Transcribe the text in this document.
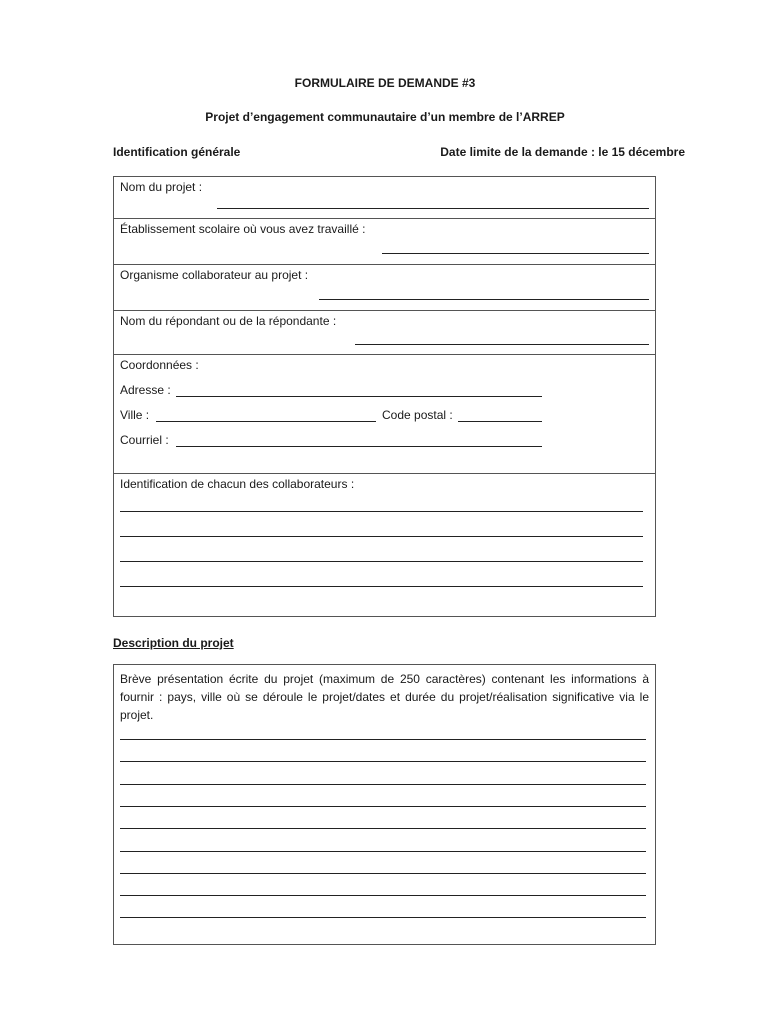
FORMULAIRE DE DEMANDE #3
Projet d’engagement communautaire d’un membre de l’ARREP
Identification générale	Date limite de la demande : le 15 décembre
Nom du projet :
Établissement scolaire où vous avez travaillé :
Organisme collaborateur au projet :
Nom du répondant ou de la répondante :
Coordonnées :
Adresse :
Ville :	Code postal :
Courriel :
Identification de chacun des collaborateurs :
Description du projet
Brève présentation écrite du projet (maximum de 250 caractères) contenant les informations à fournir : pays, ville où se déroule le projet/dates et durée du projet/réalisation significative via le projet.
